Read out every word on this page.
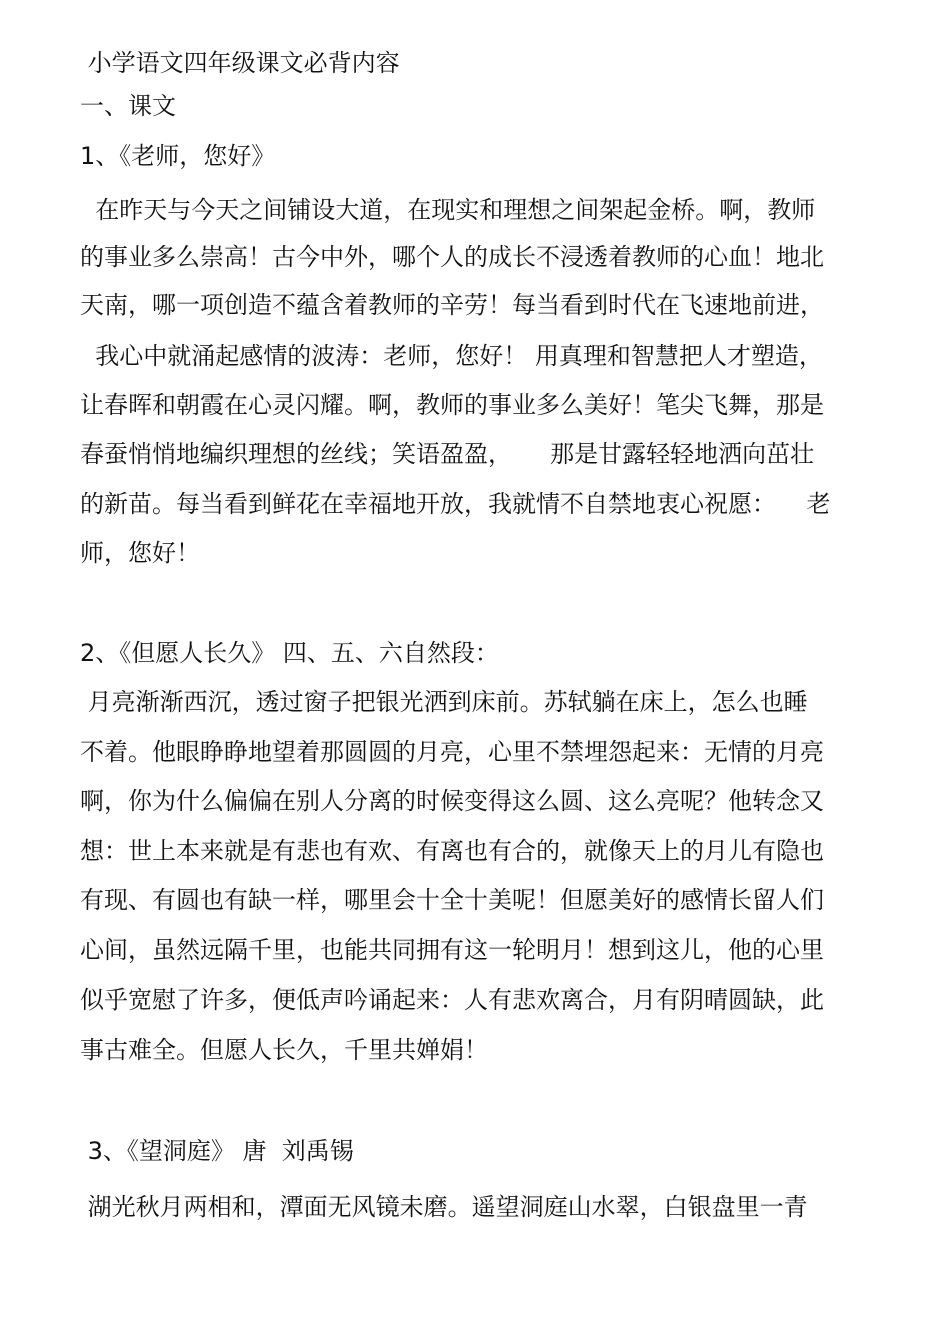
小学语文四年级课文必背内容
一、课文
1、《老师，您好》
在昨天与今天之间铺设大道，在现实和理想之间架起金桥。啊，教师
的事业多么崇高！古今中外，哪个人的成长不浸透着教师的心血！地北
天南，哪一项创造不蕴含着教师的辛劳！每当看到时代在飞速地前进，
我心中就涌起感情的波涛：老师，您好！ 用真理和智慧把人才塑造，
让春晖和朝霞在心灵闪耀。啊，教师的事业多么美好！笔尖飞舞，那是
春蚕悄悄地编织理想的丝线；笑语盈盈，     那是甘露轻轻地洒向茁壮
的新苗。每当看到鲜花在幸福地开放，我就情不自禁地衷心祝愿：    老
师，您好！
2、《但愿人长久》 四、五、六自然段：
月亮渐渐西沉，透过窗子把银光洒到床前。苏轼躺在床上，怎么也睡
不着。他眼睁睁地望着那圆圆的月亮，心里不禁埋怨起来：无情的月亮
啊，你为什么偏偏在别人分离的时候变得这么圆、这么亮呢？他转念又
想：世上本来就是有悲也有欢、有离也有合的，就像天上的月儿有隐也
有现、有圆也有缺一样，哪里会十全十美呢！但愿美好的感情长留人们
心间，虽然远隔千里，也能共同拥有这一轮明月！想到这儿，他的心里
似乎宽慰了许多，便低声吟诵起来：人有悲欢离合，月有阴晴圆缺，此
事古难全。但愿人长久，千里共婵娟！
3、《望洞庭》 唐  刘禹锡
湖光秋月两相和，潭面无风镜未磨。遥望洞庭山水翠，白银盘里一青
